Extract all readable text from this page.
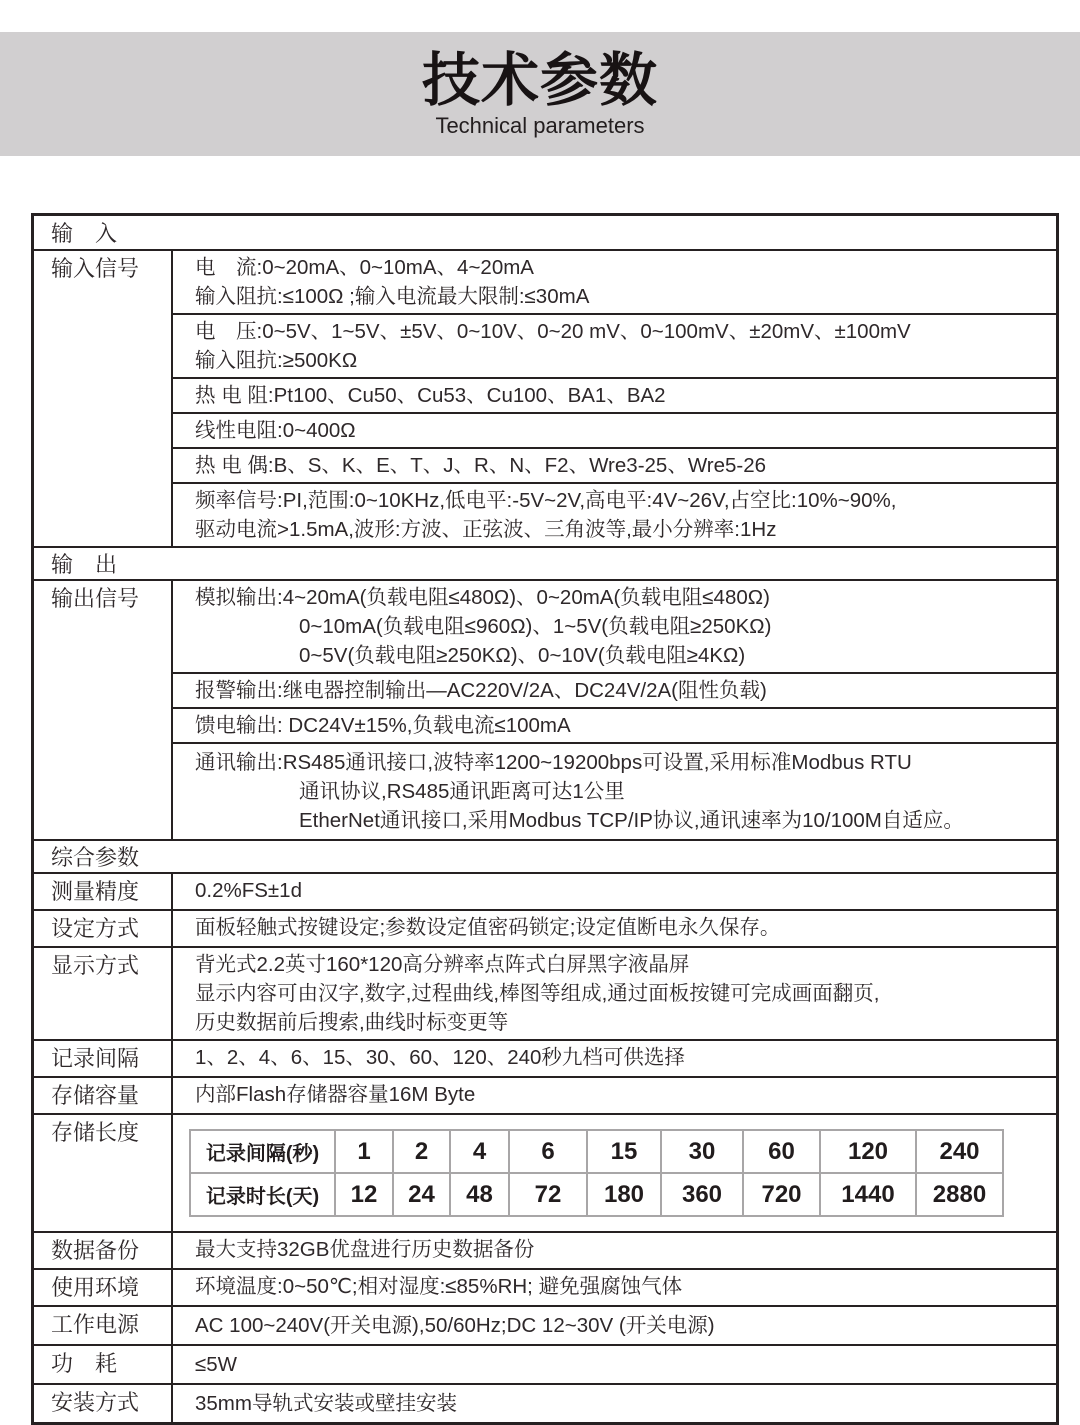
技术参数
Technical parameters
输　入
输入信号	电　流:0~20mA、0~10mA、4~20mA
输入阻抗:≤100Ω ;输入电流最大限制:≤30mA
电　压:0~5V、1~5V、±5V、0~10V、0~20 mV、0~100mV、±20mV、±100mV
输入阻抗:≥500KΩ
热 电 阻:Pt100、Cu50、Cu53、Cu100、BA1、BA2
线性电阻:0~400Ω
热 电 偶:B、S、K、E、T、J、R、N、F2、Wre3-25、Wre5-26
频率信号:PI,范围:0~10KHz,低电平:-5V~2V,高电平:4V~26V,占空比:10%~90%,
驱动电流>1.5mA,波形:方波、正弦波、三角波等,最小分辨率:1Hz
输　出
输出信号	模拟输出:4~20mA(负载电阻≤480Ω)、0~20mA(负载电阻≤480Ω)
0~10mA(负载电阻≤960Ω)、1~5V(负载电阻≥250KΩ)
0~5V(负载电阻≥250KΩ)、0~10V(负载电阻≥4KΩ)
报警输出:继电器控制输出—AC220V/2A、DC24V/2A(阻性负载)
馈电输出: DC24V±15%,负载电流≤100mA
通讯输出:RS485通讯接口,波特率1200~19200bps可设置,采用标准Modbus RTU
通讯协议,RS485通讯距离可达1公里
EtherNet通讯接口,采用Modbus TCP/IP协议,通讯速率为10/100M自适应。
综合参数
测量精度	0.2%FS±1d
设定方式	面板轻触式按键设定;参数设定值密码锁定;设定值断电永久保存。
显示方式	背光式2.2英寸160*120高分辨率点阵式白屏黑字液晶屏
显示内容可由汉字,数字,过程曲线,棒图等组成,通过面板按键可完成画面翻页,
历史数据前后搜索,曲线时标变更等
记录间隔	1、2、4、6、15、30、60、120、240秒九档可供选择
存储容量	内部Flash存储器容量16M Byte
存储长度
记录间隔(秒)	1	2	4	6	15	30	60	120	240
记录时长(天)	12	24	48	72	180	360	720	1440	2880
数据备份	最大支持32GB优盘进行历史数据备份
使用环境	环境温度:0~50℃;相对湿度:≤85%RH; 避免强腐蚀气体
工作电源	AC 100~240V(开关电源),50/60Hz;DC 12~30V (开关电源)
功　耗	≤5W
安装方式	35mm导轨式安装或壁挂安装
